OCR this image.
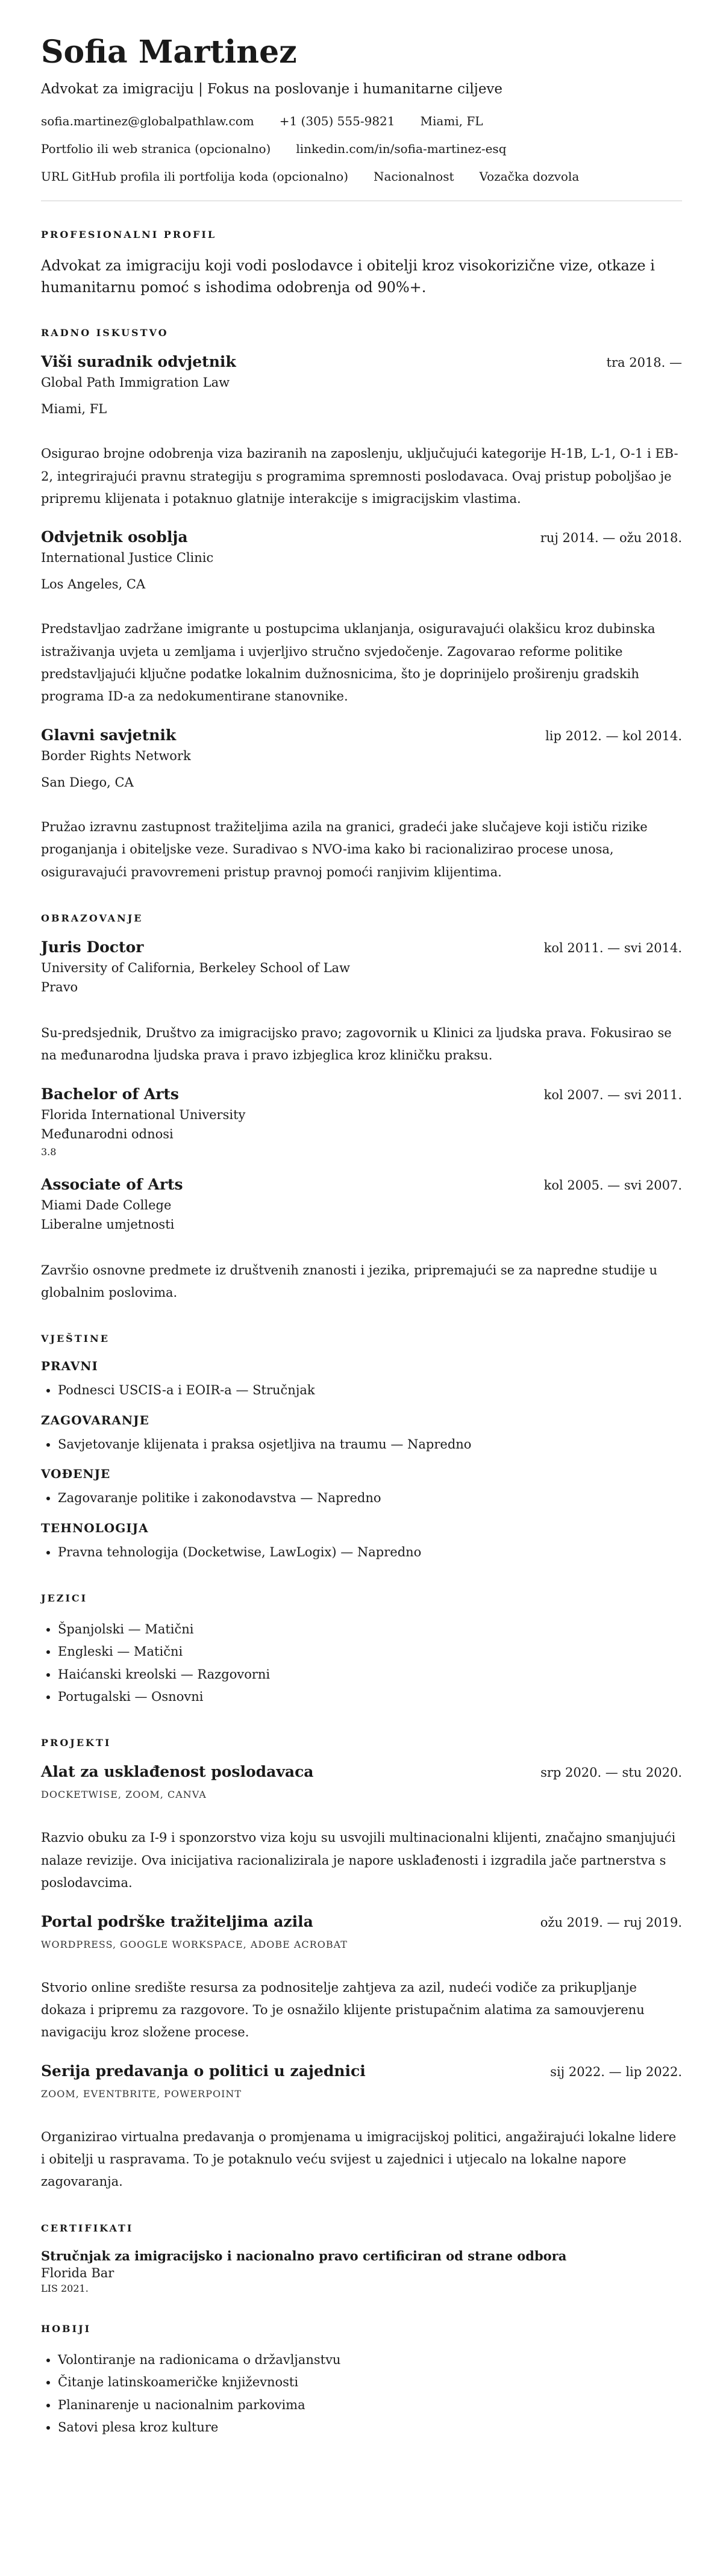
Sofia Martinez
Advokat za imigraciju | Fokus na poslovanje i humanitarne ciljeve
sofia.martinez@globalpathlaw.com +1 (305) 555-9821 Miami, FL
Portfolio ili web stranica (opcionalno) linkedin.com/in/sofia-martinez-esq
URL GitHub profila ili portfolija koda (opcionalno) Nacionalnost Vozačka dozvola
PROFESIONALNI PROFIL

Advokat za imigraciju koji vodi poslodavce i obitelji kroz visokorizične vize, otkaze i humanitarnu pomoć s ishodima odobrenja od 90%+.

RADNO ISKUSTVO
Viši suradnik odvjetnik	tra 2018. —
Global Path Immigration Law
Miami, FL
Osigurao brojne odobrenja viza baziranih na zaposlenju, uključujući kategorije H-1B, L-1, O-1 i EB-2, integrirajući pravnu strategiju s programima spremnosti poslodavaca. Ovaj pristup poboljšao je pripremu klijenata i potaknuo glatnije interakcije s imigracijskim vlastima.
Odvjetnik osoblja	ruj 2014. — ožu 2018.
International Justice Clinic
Los Angeles, CA
Predstavljao zadržane imigrante u postupcima uklanjanja, osiguravajući olakšicu kroz dubinska istraživanja uvjeta u zemljama i uvjerljivo stručno svjedočenje. Zagovarao reforme politike predstavljajući ključne podatke lokalnim dužnosnicima, što je doprinijelo proširenju gradskih programa ID-a za nedokumentirane stanovnike.
Glavni savjetnik	lip 2012. — kol 2014.
Border Rights Network
San Diego, CA
Pružao izravnu zastupnost tražiteljima azila na granici, gradeći jake slučajeve koji ističu rizike proganjanja i obiteljske veze. Suradivao s NVO-ima kako bi racionalizirao procese unosa, osiguravajući pravovremeni pristup pravnoj pomoći ranjivim klijentima.
OBRAZOVANJE
Juris Doctor	kol 2011. — svi 2014.
University of California, Berkeley School of Law
Pravo
Su-predsjednik, Društvo za imigracijsko pravo; zagovornik u Klinici za ljudska prava. Fokusirao se na međunarodna ljudska prava i pravo izbjeglica kroz kliničku praksu.
Bachelor of Arts	kol 2007. — svi 2011.
Florida International University
Međunarodni odnosi
3.8
Associate of Arts	kol 2005. — svi 2007.
Miami Dade College
Liberalne umjetnosti
Završio osnovne predmete iz društvenih znanosti i jezika, pripremajući se za napredne studije u globalnim poslovima.
VJEŠTINE
PRAVNI
• Podnesci USCIS-a i EOIR-a — Stručnjak
ZAGOVARANJE
• Savjetovanje klijenata i praksa osjetljiva na traumu — Napredno
VOĐENJE
• Zagovaranje politike i zakonodavstva — Napredno
TEHNOLOGIJA
• Pravna tehnologija (Docketwise, LawLogix) — Napredno
JEZICI
• Španjolski — Matični
• Engleski — Matični
• Haićanski kreolski — Razgovorni
• Portugalski — Osnovni
PROJEKTI
Alat za usklađenost poslodavaca	srp 2020. — stu 2020.
DOCKETWISE, ZOOM, CANVA
Razvio obuku za I-9 i sponzorstvo viza koju su usvojili multinacionalni klijenti, značajno smanjujući nalaze revizije. Ova inicijativa racionalizirala je napore usklađenosti i izgradila jače partnerstva s poslodavcima.
Portal podrške tražiteljima azila	ožu 2019. — ruj 2019.
WORDPRESS, GOOGLE WORKSPACE, ADOBE ACROBAT
Stvorio online središte resursa za podnositelje zahtjeva za azil, nudeći vodiče za prikupljanje dokaza i pripremu za razgovore. To je osnažilo klijente pristupačnim alatima za samouvjerenu navigaciju kroz složene procese.
Serija predavanja o politici u zajednici	sij 2022. — lip 2022.
ZOOM, EVENTBRITE, POWERPOINT
Organizirao virtualna predavanja o promjenama u imigracijskoj politici, angažirajući lokalne lidere i obitelji u raspravama. To je potaknulo veću svijest u zajednici i utjecalo na lokalne napore zagovaranja.
CERTIFIKATI
Stručnjak za imigracijsko i nacionalno pravo certificiran od strane odbora
Florida Bar
LIS 2021.
HOBIJI
• Volontiranje na radionicama o državljanstvu
• Čitanje latinskoameričke književnosti
• Planinarenje u nacionalnim parkovima
• Satovi plesa kroz kulture
